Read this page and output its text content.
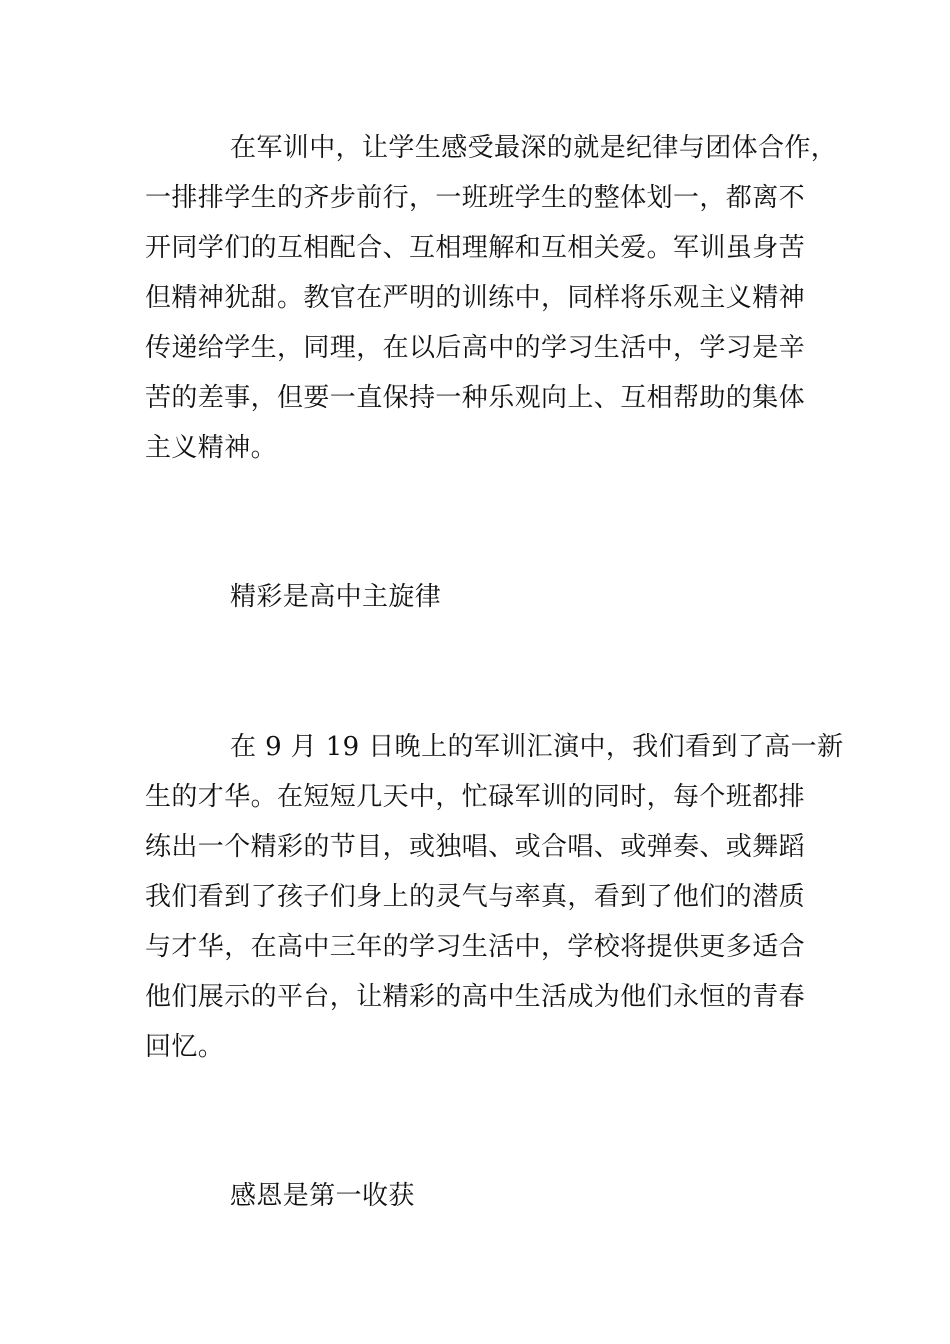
在军训中，让学生感受最深的就是纪律与团体合作，
一排排学生的齐步前行，一班班学生的整体划一，都离不
开同学们的互相配合、互相理解和互相关爱。军训虽身苦
但精神犹甜。教官在严明的训练中，同样将乐观主义精神
传递给学生，同理，在以后高中的学习生活中，学习是辛
苦的差事，但要一直保持一种乐观向上、互相帮助的集体
主义精神。
精彩是高中主旋律
在 9 月 19 日晚上的军训汇演中，我们看到了高一新
生的才华。在短短几天中，忙碌军训的同时，每个班都排
练出一个精彩的节目，或独唱、或合唱、或弹奏、或舞蹈
我们看到了孩子们身上的灵气与率真，看到了他们的潜质
与才华，在高中三年的学习生活中，学校将提供更多适合
他们展示的平台，让精彩的高中生活成为他们永恒的青春
回忆。
感恩是第一收获
